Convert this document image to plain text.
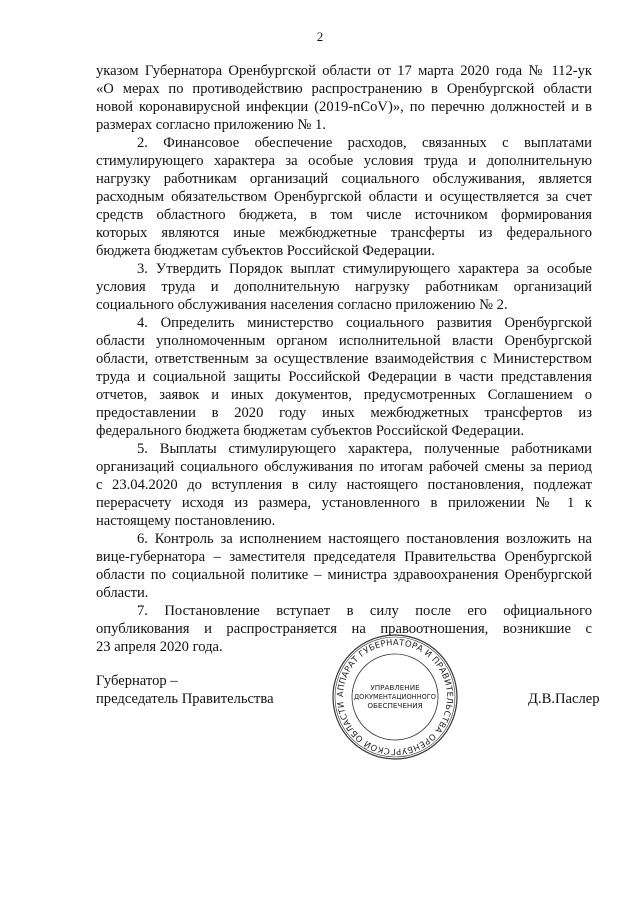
2
указом Губернатора Оренбургской области от 17 марта 2020 года № 112-ук
«О мерах по противодействию распространению в Оренбургской области
новой коронавирусной инфекции (2019-nCoV)», по перечню должностей и в
размерах согласно приложению № 1.
2. Финансовое обеспечение расходов, связанных с выплатами
стимулирующего характера за особые условия труда и дополнительную
нагрузку работникам организаций социального обслуживания, является
расходным обязательством Оренбургской области и осуществляется за счет
средств областного бюджета, в том числе источником формирования
которых являются иные межбюджетные трансферты из федерального
бюджета бюджетам субъектов Российской Федерации.
3. Утвердить Порядок выплат стимулирующего характера за особые
условия труда и дополнительную нагрузку работникам организаций
социального обслуживания населения согласно приложению № 2.
4. Определить министерство социального развития Оренбургской
области уполномоченным органом исполнительной власти Оренбургской
области, ответственным за осуществление взаимодействия с Министерством
труда и социальной защиты Российской Федерации в части представления
отчетов, заявок и иных документов, предусмотренных Соглашением о
предоставлении в 2020 году иных межбюджетных трансфертов из
федерального бюджета бюджетам субъектов Российской Федерации.
5. Выплаты стимулирующего характера, полученные работниками
организаций социального обслуживания по итогам рабочей смены за период
с 23.04.2020 до вступления в силу настоящего постановления, подлежат
перерасчету исходя из размера, установленного в приложении № 1 к
настоящему постановлению.
6. Контроль за исполнением настоящего постановления возложить на
вице-губернатора – заместителя председателя Правительства Оренбургской
области по социальной политике – министра здравоохранения Оренбургской
области.
7. Постановление вступает в силу после его официального
опубликования и распространяется на правоотношения, возникшие с
23 апреля 2020 года.
Губернатор –
председатель Правительства	Д.В.Паслер
АППАРАТ ГУБЕРНАТОРА И ПРАВИТЕЛЬСТВА ОРЕНБУРГСКОЙ ОБЛАСТИ
УПРАВЛЕНИЕ
ДОКУМЕНТАЦИОННОГО
ОБЕСПЕЧЕНИЯ
